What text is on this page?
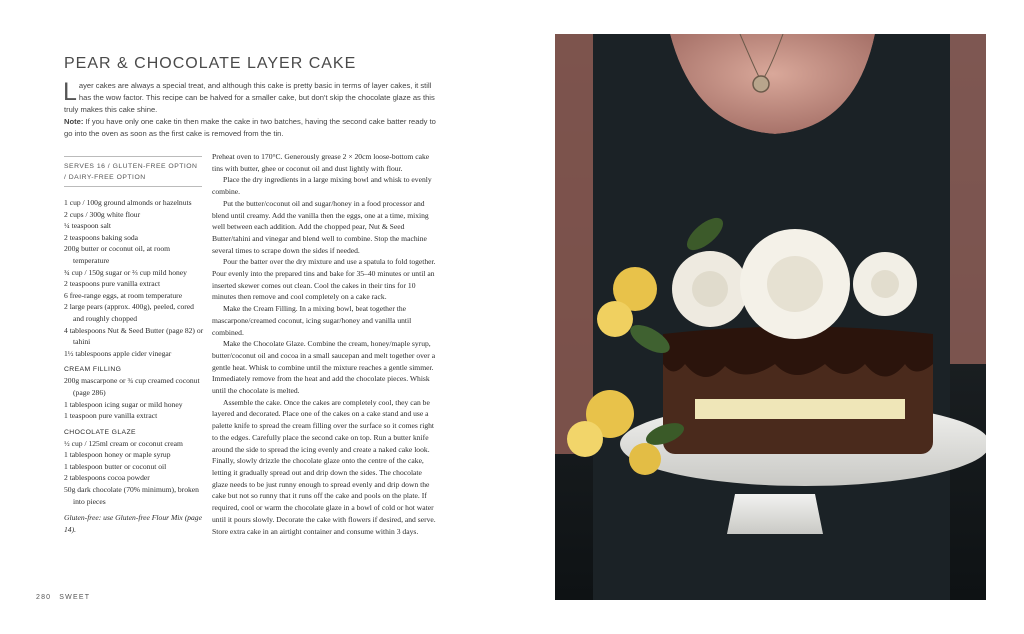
PEAR & CHOCOLATE LAYER CAKE
Layer cakes are always a special treat, and although this cake is pretty basic in terms of layer cakes, it still has the wow factor. This recipe can be halved for a smaller cake, but don't skip the chocolate glaze as this truly makes this cake shine.
Note: If you have only one cake tin then make the cake in two batches, having the second cake batter ready to go into the oven as soon as the first cake is removed from the tin.
SERVES 16 / GLUTEN-FREE OPTION / DAIRY-FREE OPTION
1 cup / 100g ground almonds or hazelnuts
2 cups / 300g white flour
¼ teaspoon salt
2 teaspoons baking soda
200g butter or coconut oil, at room temperature
¾ cup / 150g sugar or ⅔ cup mild honey
2 teaspoons pure vanilla extract
6 free-range eggs, at room temperature
2 large pears (approx. 400g), peeled, cored and roughly chopped
4 tablespoons Nut & Seed Butter (page 82) or tahini
1½ tablespoons apple cider vinegar
CREAM FILLING
200g mascarpone or ¾ cup creamed coconut (page 286)
1 tablespoon icing sugar or mild honey
1 teaspoon pure vanilla extract
CHOCOLATE GLAZE
½ cup / 125ml cream or coconut cream
1 tablespoon honey or maple syrup
1 tablespoon butter or coconut oil
2 tablespoons cocoa powder
50g dark chocolate (70% minimum), broken into pieces
Gluten-free: use Gluten-free Flour Mix (page 14).

Preheat oven to 170°C. Generously grease 2 × 20cm loose-bottom cake tins with butter, ghee or coconut oil and dust lightly with flour.

Place the dry ingredients in a large mixing bowl and whisk to evenly combine.

Put the butter/coconut oil and sugar/honey in a food processor and blend until creamy. Add the vanilla then the eggs, one at a time, mixing well between each addition. Add the chopped pear, Nut & Seed Butter/tahini and vinegar and blend well to combine. Stop the machine several times to scrape down the sides if needed.

Pour the batter over the dry mixture and use a spatula to fold together. Pour evenly into the prepared tins and bake for 35–40 minutes or until an inserted skewer comes out clean. Cool the cakes in their tins for 10 minutes then remove and cool completely on a cake rack.

Make the Cream Filling. In a mixing bowl, beat together the mascarpone/creamed coconut, icing sugar/honey and vanilla until combined.

Make the Chocolate Glaze. Combine the cream, honey/maple syrup, butter/coconut oil and cocoa in a small saucepan and melt together over a gentle heat. Whisk to combine until the mixture reaches a gentle simmer. Immediately remove from the heat and add the chocolate pieces. Whisk until the chocolate is melted.

Assemble the cake. Once the cakes are completely cool, they can be layered and decorated. Place one of the cakes on a cake stand and use a palette knife to spread the cream filling over the surface so it comes right to the edges. Carefully place the second cake on top. Run a butter knife around the side to spread the icing evenly and create a naked cake look. Finally, slowly drizzle the chocolate glaze onto the centre of the cake, letting it gradually spread out and drip down the sides. The chocolate glaze needs to be just runny enough to spread evenly and drip down the cake but not so runny that it runs off the cake and pools on the plate. If required, cool or warm the chocolate glaze in a bowl of cold or hot water until it pours slowly. Decorate the cake with flowers if desired, and serve. Store extra cake in an airtight container and consume within 3 days.

280 SWEET
